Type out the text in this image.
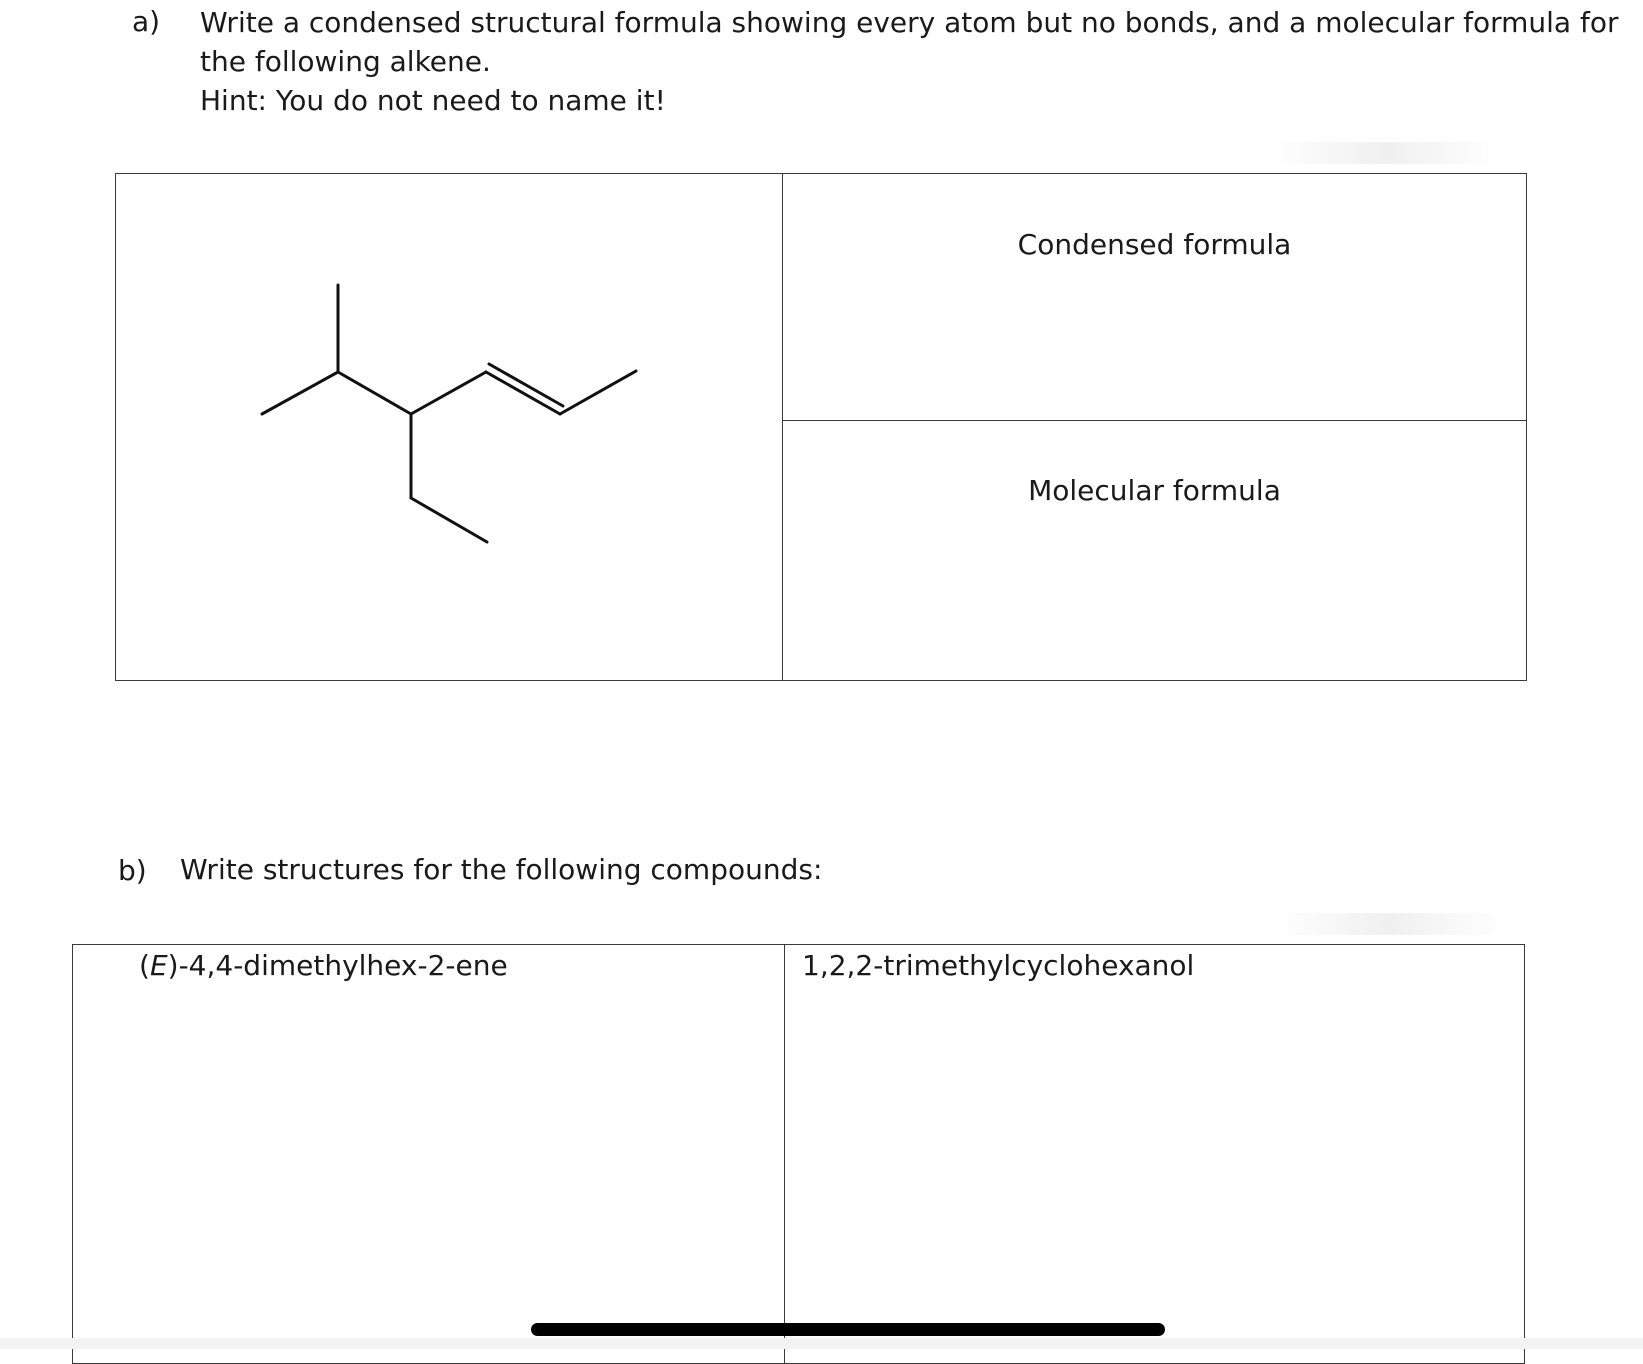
a) Write a condensed structural formula showing every atom but no bonds, and a molecular formula for
the following alkene.
Hint: You do not need to name it!
Condensed formula
Molecular formula
b) Write structures for the following compounds:
(E)-4,4-dimethylhex-2-ene	1,2,2-trimethylcyclohexanol
